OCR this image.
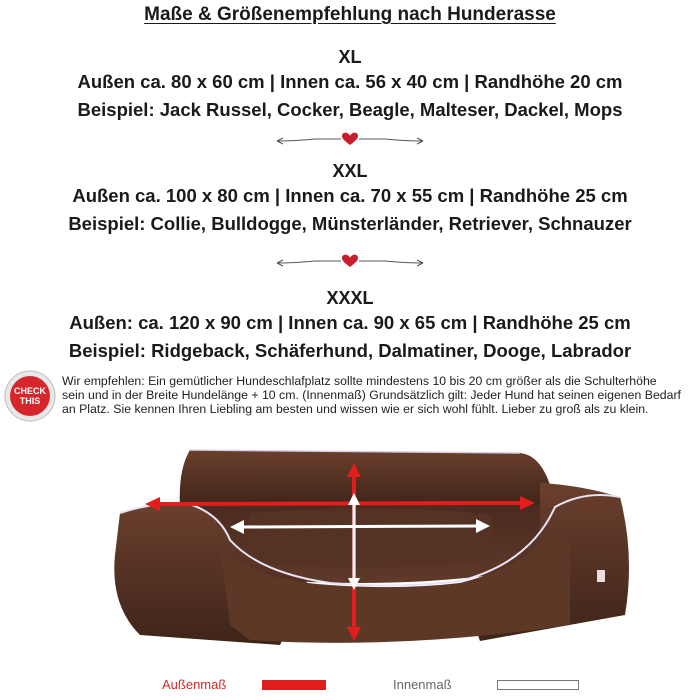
Maße & Größenempfehlung nach Hunderasse
XL
Außen ca. 80 x 60 cm | Innen ca. 56 x 40 cm | Randhöhe 20 cm
Beispiel: Jack Russel, Cocker, Beagle, Malteser, Dackel, Mops
XXL
Außen ca. 100 x 80 cm | Innen ca. 70 x 55 cm | Randhöhe 25 cm
Beispiel: Collie, Bulldogge, Münsterländer, Retriever, Schnauzer
XXXL
Außen: ca. 120 x 90 cm | Innen ca. 90 x 65 cm | Randhöhe 25 cm
Beispiel: Ridgeback, Schäferhund, Dalmatiner, Dooge, Labrador
CHECK
THIS
Wir empfehlen: Ein gemütlicher Hundeschlafplatz sollte mindestens 10 bis 20 cm größer als die Schulterhöhe
sein und in der Breite Hundelänge + 10 cm. (Innenmaß) Grundsätzlich gilt: Jeder Hund hat seinen eigenen Bedarf
an Platz. Sie kennen Ihren Liebling am besten und wissen wie er sich wohl fühlt. Lieber zu groß als zu klein.
Außenmaß	Innenmaß
